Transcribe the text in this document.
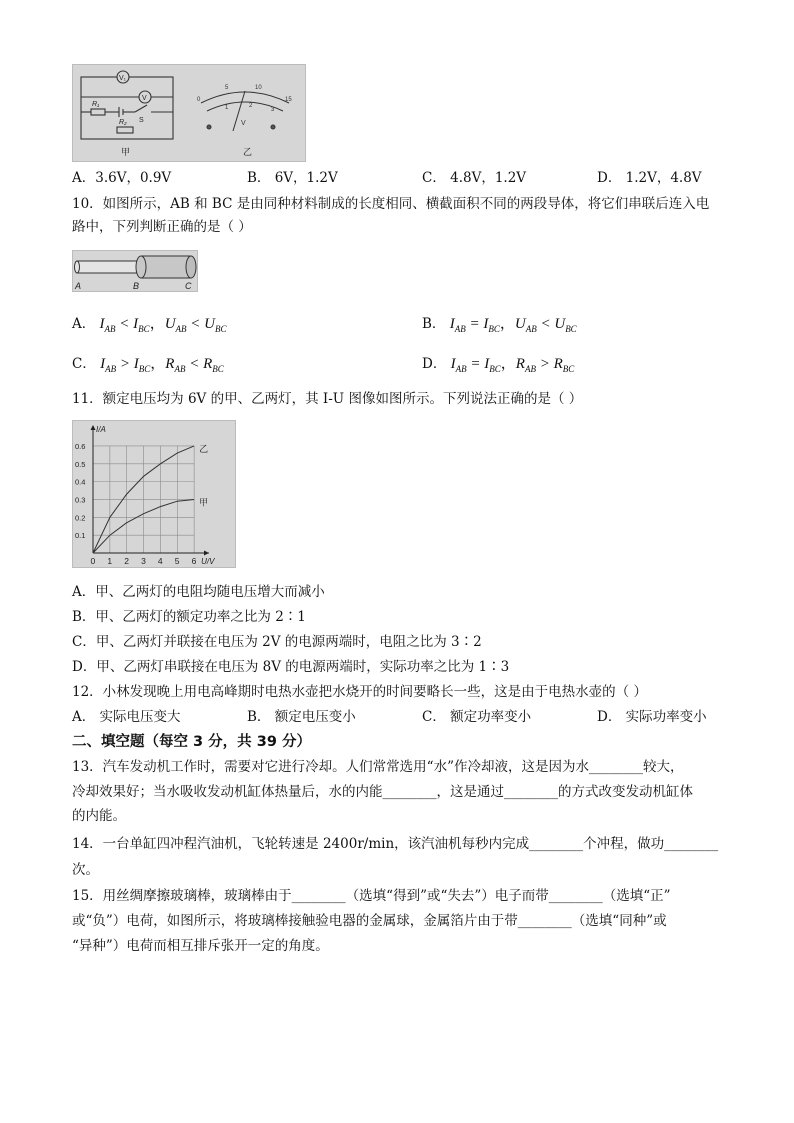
V₁
V
R₁
R₂ S
甲
0
5	10
15
1	2
3
V
乙
A．3.6V，0.9V	B． 6V，1.2V	C． 4.8V，1.2V	D． 1.2V，4.8V
10．如图所示，AB 和 BC 是由同种材料制成的长度相同、横截面积不同的两段导体，将它们串联后连入电
路中，下列判断正确的是（ ）
A	B	C
A． $I_{AB} < I_{BC}$，$U_{AB} < U_{BC}$	B． $I_{AB} = I_{BC}$，$U_{AB} < U_{BC}$
C． $I_{AB} > I_{BC}$，$R_{AB} < R_{BC}$	D． $I_{AB} = I_{BC}$，$R_{AB} > R_{BC}$
11．额定电压均为 6V 的甲、乙两灯，其 I-U 图像如图所示。下列说法正确的是（ ）
0 1 2 3 4 5 6
0.1
0.2
0.3
0.4
0.5
0.6
U/V
I/A
乙
甲
A．甲、乙两灯的电阻均随电压增大而减小
B．甲、乙两灯的额定功率之比为 2∶1
C．甲、乙两灯并联接在电压为 2V 的电源两端时，电阻之比为 3∶2
D．甲、乙两灯串联接在电压为 8V 的电源两端时，实际功率之比为 1∶3
12．小林发现晚上用电高峰期时电热水壶把水烧开的时间要略长一些，这是由于电热水壶的（ ）
A． 实际电压变大	B． 额定电压变小	C． 额定功率变小	D． 实际功率变小
二、填空题（每空 3 分，共 39 分）
13．汽车发动机工作时，需要对它进行冷却。人们常常选用“水”作冷却液，这是因为水________较大，
冷却效果好；当水吸收发动机缸体热量后，水的内能________，这是通过________的方式改变发动机缸体
的内能。
14．一台单缸四冲程汽油机，飞轮转速是 2400r/min，该汽油机每秒内完成________个冲程，做功________
次。
15．用丝绸摩擦玻璃棒，玻璃棒由于________（选填“得到”或“失去”）电子而带________（选填“正”
或“负”）电荷，如图所示，将玻璃棒接触验电器的金属球，金属箔片由于带________（选填“同种”或
“异种”）电荷而相互排斥张开一定的角度。
